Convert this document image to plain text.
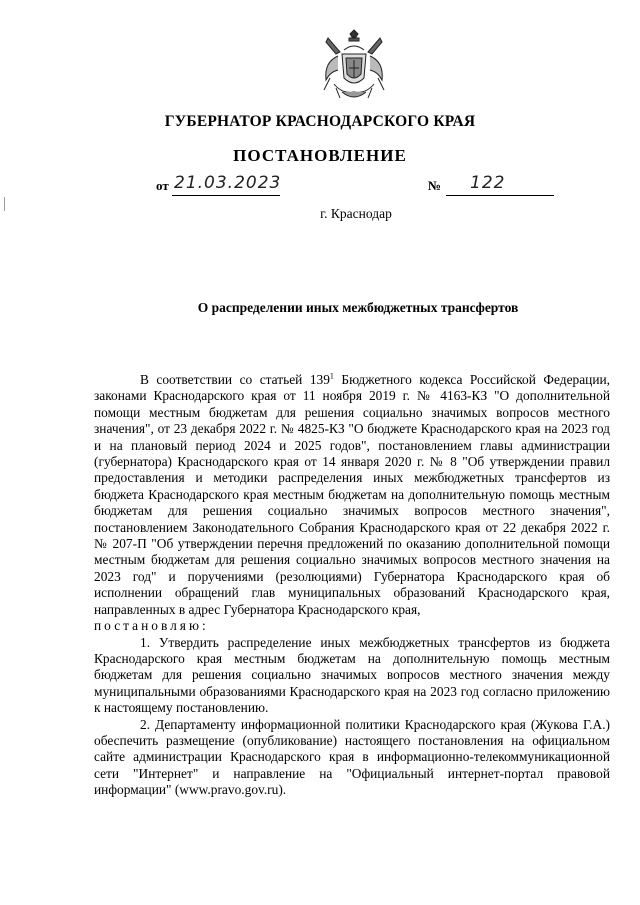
ГУБЕРНАТОР КРАСНОДАРСКОГО КРАЯ
ПОСТАНОВЛЕНИЕ
от 21.03.2023	№ 122
г. Краснодар
О распределении иных межбюджетных трансфертов

В соответствии со статьей $139^1$ Бюджетного кодекса Российской Федерации, законами Краснодарского края от 11 ноября 2019 г. № 4163-КЗ "О дополнительной помощи местным бюджетам для решения социально значимых вопросов местного значения", от 23 декабря 2022 г. № 4825-КЗ "О бюджете Краснодарского края на 2023 год и на плановый период 2024 и 2025 годов", постановлением главы администрации (губернатора) Краснодарского края от 14 января 2020 г. № 8 "Об утверждении правил предоставления и методики распределения иных межбюджетных трансфертов из бюджета Краснодарского края местным бюджетам на дополнительную помощь местным бюджетам для решения социально значимых вопросов местного значения", постановлением Законодательного Собрания Краснодарского края от 22 декабря 2022 г. № 207-П "Об утверждении перечня предложений по оказанию дополнительной помощи местным бюджетам для решения социально значимых вопросов местного значения на 2023 год" и поручениями (резолюциями) Губернатора Краснодарского края об исполнении обращений глав муниципальных образований Краснодарского края, направленных в адрес Губернатора Краснодарского края,

постановляю:

1. Утвердить распределение иных межбюджетных трансфертов из бюджета Краснодарского края местным бюджетам на дополнительную помощь местным бюджетам для решения социально значимых вопросов местного значения между муниципальными образованиями Краснодарского края на 2023 год согласно приложению к настоящему постановлению.

2. Департаменту информационной политики Краснодарского края (Жукова Г.А.) обеспечить размещение (опубликование) настоящего постановления на официальном сайте администрации Краснодарского края в информационно-телекоммуникационной сети "Интернет" и направление на "Официальный интернет-портал правовой информации" (www.pravo.gov.ru).
